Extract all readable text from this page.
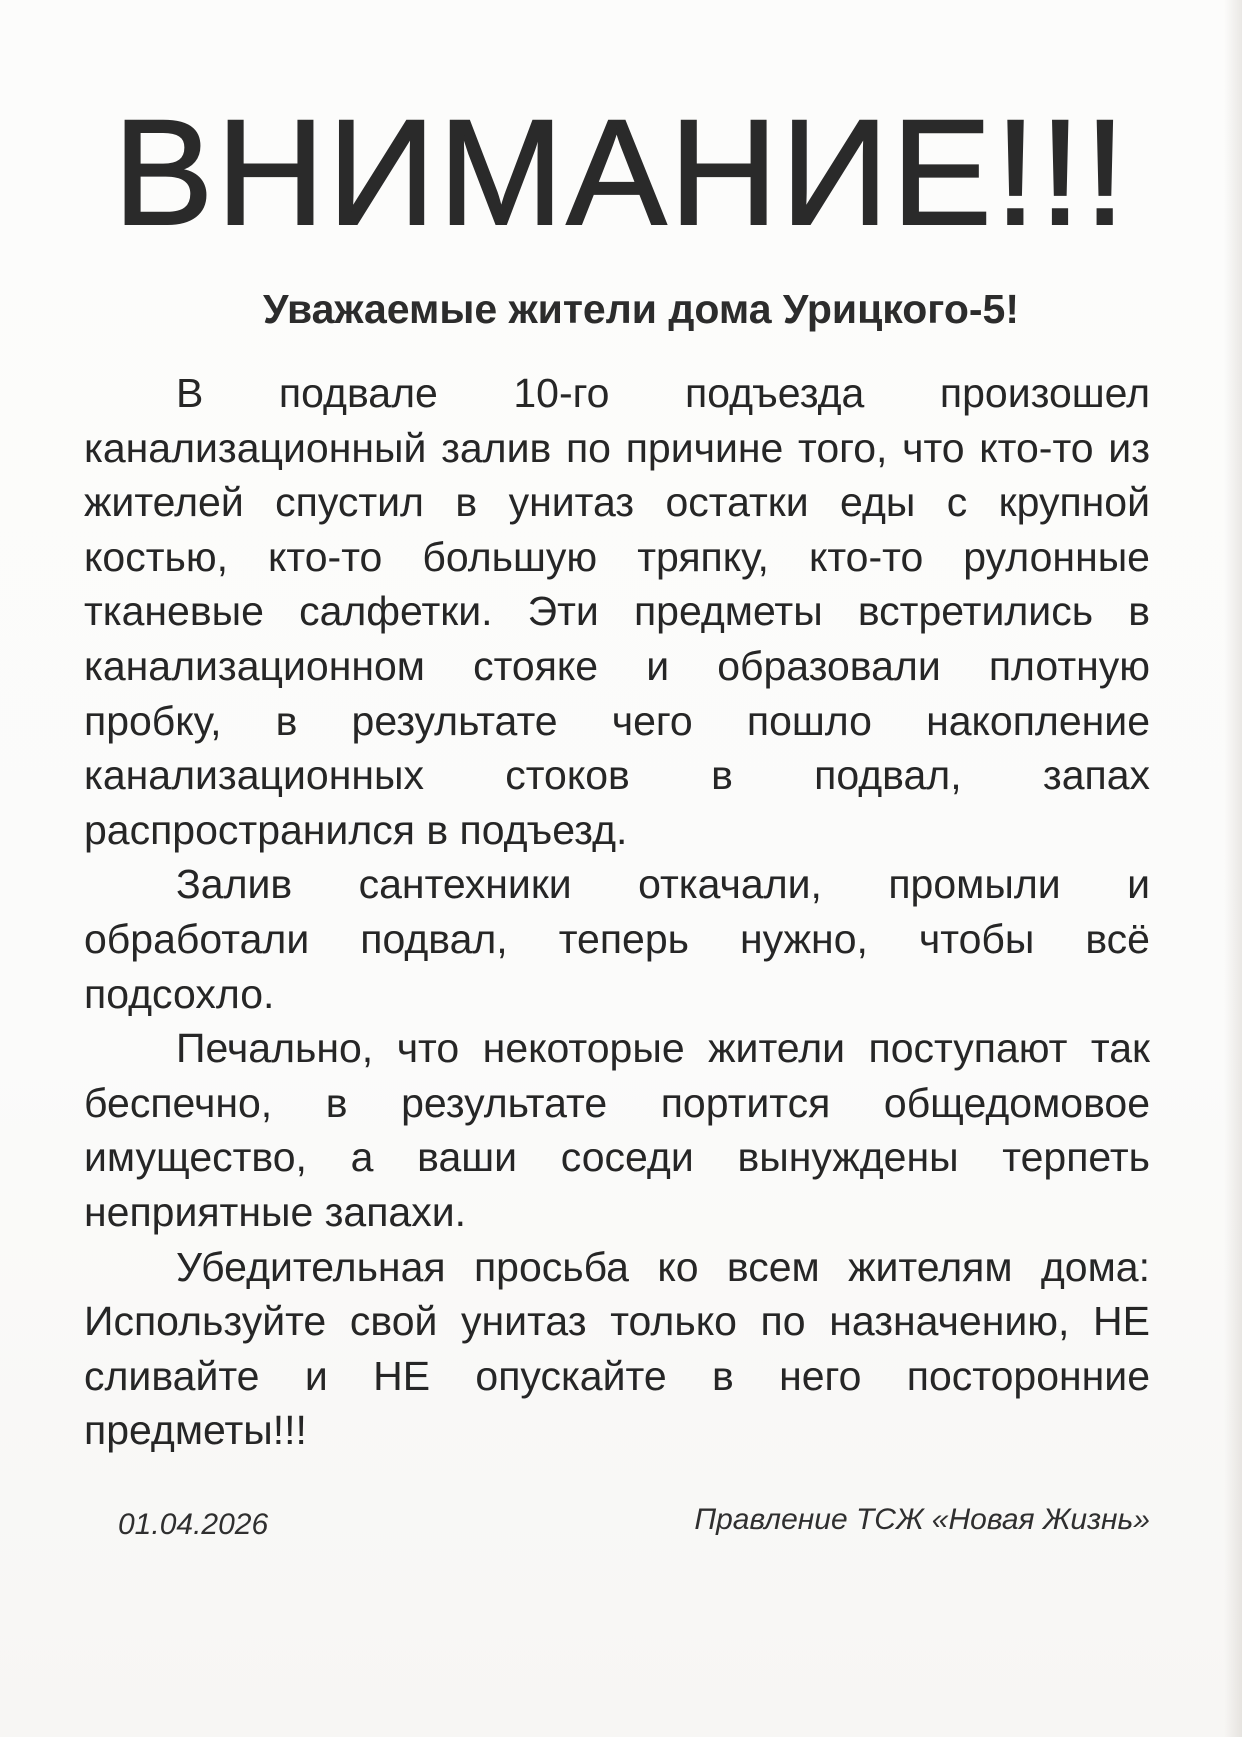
ВНИМАНИЕ!!!
Уважаемые жители дома Урицкого-5!

В подвале 10-го подъезда произошел канализационный залив по причине того, что кто-то из жителей спустил в унитаз остатки еды с крупной костью, кто-то большую тряпку, кто-то рулонные тканевые салфетки. Эти предметы встретились в канализационном стояке и образовали плотную пробку, в результате чего пошло накопление канализационных стоков в подвал, запах распространился в подъезд.

Залив сантехники откачали, промыли и обработали подвал, теперь нужно, чтобы всё подсохло.

Печально, что некоторые жители поступают так беспечно, в результате портится общедомовое имущество, а ваши соседи вынуждены терпеть неприятные запахи.

Убедительная просьба ко всем жителям дома: Используйте свой унитаз только по назначению, НЕ сливайте и НЕ опускайте в него посторонние предметы!!!

01.04.2026	Правление ТСЖ «Новая Жизнь»
